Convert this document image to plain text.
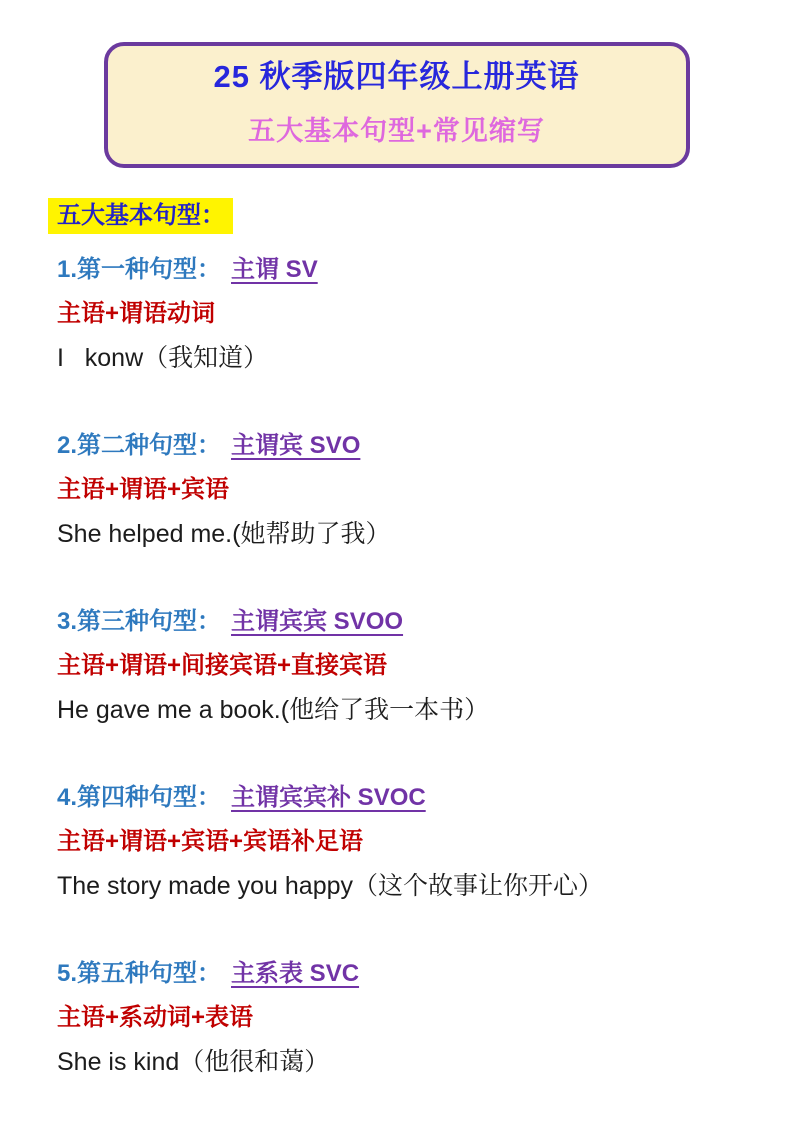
25 秋季版四年级上册英语

五大基本句型+常见缩写

五大基本句型：

1.第一种句型： 主谓 SV

主语+谓语动词

I   konw（我知道）

2.第二种句型： 主谓宾 SVO

主语+谓语+宾语

She helped me.(她帮助了我）

3.第三种句型： 主谓宾宾 SVOO

主语+谓语+间接宾语+直接宾语

He gave me a book.(他给了我一本书）

4.第四种句型： 主谓宾宾补 SVOC

主语+谓语+宾语+宾语补足语

The story made you happy（这个故事让你开心）

5.第五种句型： 主系表 SVC

主语+系动词+表语

She is kind（他很和蔼）
